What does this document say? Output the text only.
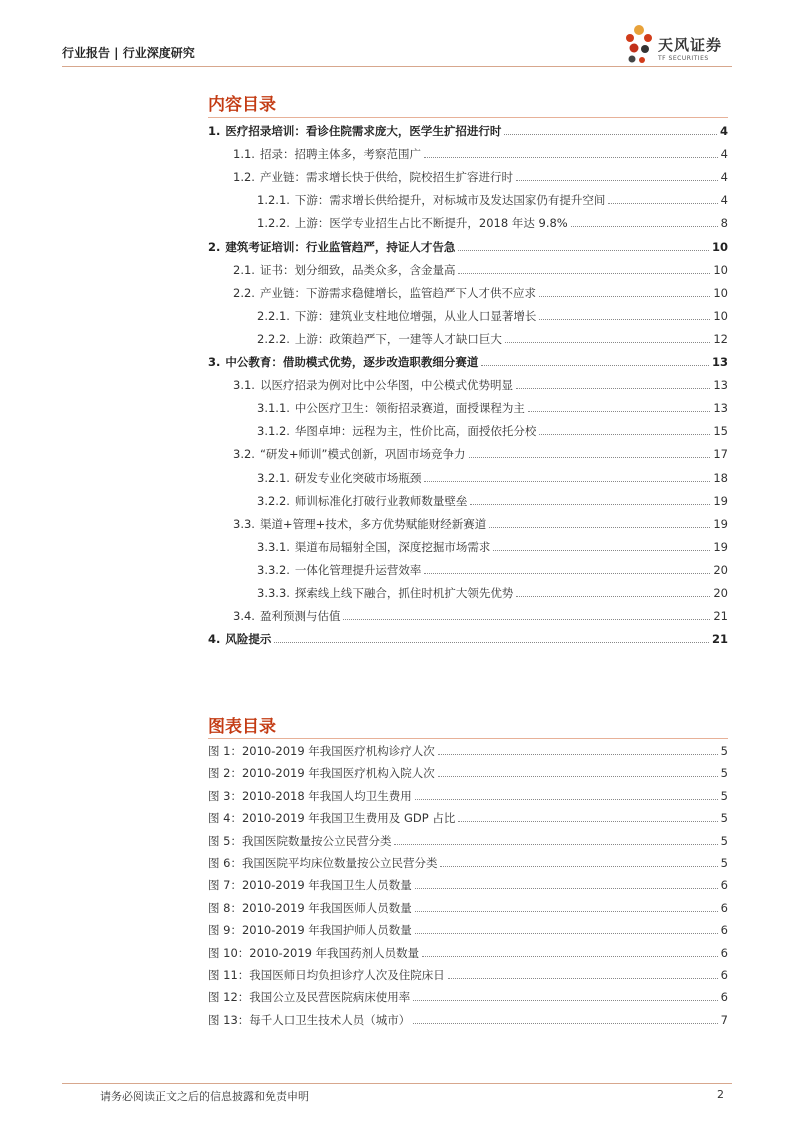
行业报告 | 行业深度研究	天风证券
TF SECURITIES
内容目录
1. 医疗招录培训：看诊住院需求庞大，医学生扩招进行时	4
1.1. 招录：招聘主体多，考察范围广	4
1.2. 产业链：需求增长快于供给，院校招生扩容进行时	4
1.2.1. 下游：需求增长供给提升，对标城市及发达国家仍有提升空间	4
1.2.2. 上游：医学专业招生占比不断提升，2018 年达 9.8%	8
2. 建筑考证培训：行业监管趋严，持证人才告急	10
2.1. 证书：划分细致，品类众多，含金量高	10
2.2. 产业链：下游需求稳健增长，监管趋严下人才供不应求	10
2.2.1. 下游：建筑业支柱地位增强，从业人口显著增长	10
2.2.2. 上游：政策趋严下，一建等人才缺口巨大	12
3. 中公教育：借助模式优势，逐步改造职教细分赛道	13
3.1. 以医疗招录为例对比中公华图，中公模式优势明显	13
3.1.1. 中公医疗卫生：领衔招录赛道，面授课程为主	13
3.1.2. 华图卓坤：远程为主，性价比高，面授依托分校	15
3.2. “研发+师训”模式创新，巩固市场竞争力	17
3.2.1. 研发专业化突破市场瓶颈	18
3.2.2. 师训标准化打破行业教师数量壁垒	19
3.3. 渠道+管理+技术，多方优势赋能财经新赛道	19
3.3.1. 渠道布局辐射全国，深度挖掘市场需求	19
3.3.2. 一体化管理提升运营效率	20
3.3.3. 探索线上线下融合，抓住时机扩大领先优势	20
3.4. 盈利预测与估值	21
4. 风险提示	21
图表目录
图 1：2010-2019 年我国医疗机构诊疗人次	5
图 2：2010-2019 年我国医疗机构入院人次	5
图 3：2010-2018 年我国人均卫生费用	5
图 4：2010-2019 年我国卫生费用及 GDP 占比	5
图 5：我国医院数量按公立民营分类	5
图 6：我国医院平均床位数量按公立民营分类	5
图 7：2010-2019 年我国卫生人员数量	6
图 8：2010-2019 年我国医师人员数量	6
图 9：2010-2019 年我国护师人员数量	6
图 10：2010-2019 年我国药剂人员数量	6
图 11：我国医师日均负担诊疗人次及住院床日	6
图 12：我国公立及民营医院病床使用率	6
图 13：每千人口卫生技术人员（城市）	7
请务必阅读正文之后的信息披露和免责申明	2
